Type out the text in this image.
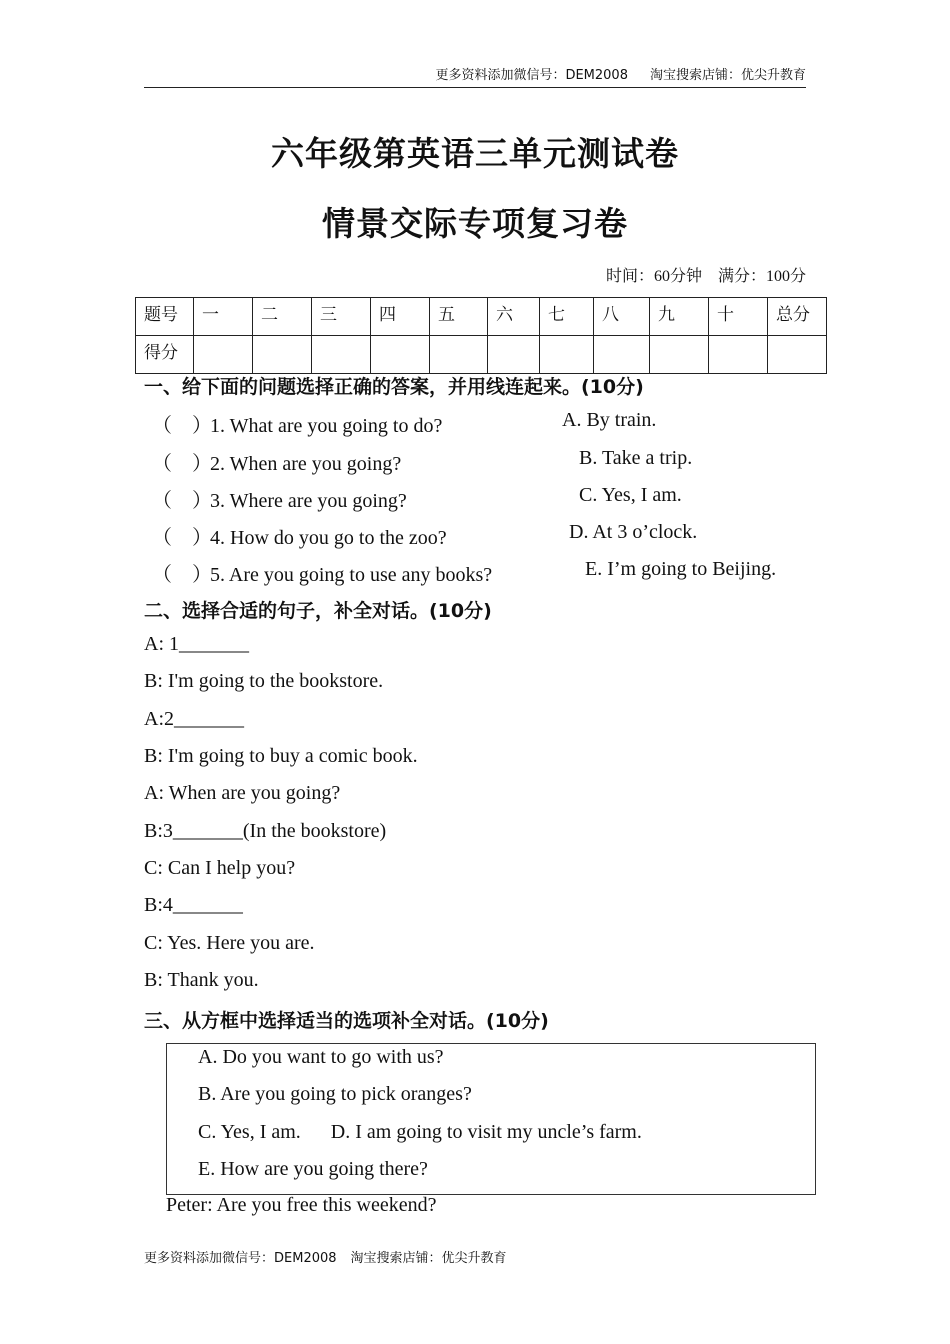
更多资料添加微信号：DEM2008 淘宝搜索店铺：优尖升教育
六年级第英语三单元测试卷
情景交际专项复习卷
时间：60分钟 满分：100分
题号	一	二	三	四	五	六	七	八	九	十	总分
得分											
一、给下面的问题选择正确的答案，并用线连起来。(10分)
（　）1. What are you going to do?
（　）2. When are you going?
（　）3. Where are you going?
（　）4. How do you go to the zoo?
（　）5. Are you going to use any books?
A. By train.
B. Take a trip.
C. Yes, I am.
D. At 3 o’clock.
E. I’m going to Beijing.
二、选择合适的句子，补全对话。(10分)
A: 1_______
B: I'm going to the bookstore.
A:2_______
B: I'm going to buy a comic book.
A: When are you going?
B:3_______(In the bookstore)
C: Can I help you?
B:4_______
C: Yes. Here you are.
B: Thank you.
三、从方框中选择适当的选项补全对话。(10分)
A. Do you want to go with us?
B. Are you going to pick oranges?
C. Yes, I am.      D. I am going to visit my uncle’s farm.
E. How are you going there?
Peter: Are you free this weekend?
更多资料添加微信号：DEM2008 淘宝搜索店铺：优尖升教育
